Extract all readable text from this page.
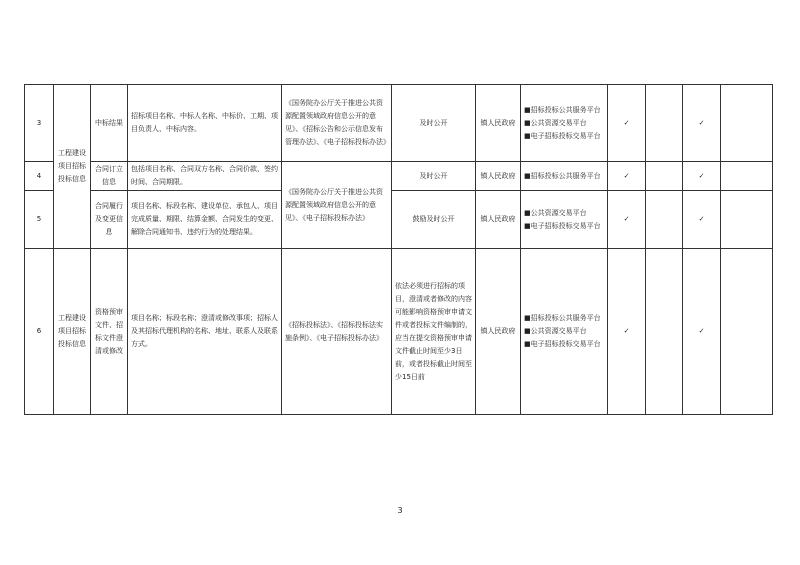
3	工程建设项目招标投标信息	中标结果	招标项目名称、中标人名称、中标价、工期、项目负责人、中标内容。	《国务院办公厅关于推进公共资源配置领域政府信息公开的意见》、《招标公告和公示信息发布管理办法》、《电子招标投标办法》	及时公开	镇人民政府	■招标投标公共服务平台
■公共资源交易平台
■电子招标投标交易平台	✓		✓	
4		合同订立信息	包括项目名称、合同双方名称、合同价款、签约时间、合同期限。	《国务院办公厅关于推进公共资源配置领域政府信息公开的意见》、《电子招标投标办法》	及时公开	镇人民政府	■招标投标公共服务平台	✓		✓	
5		合同履行及变更信息	项目名称、标段名称、建设单位、承包人、项目完成质量、期限、结算金额、合同发生的变更、解除合同通知书、违约行为的处理结果。		鼓励及时公开	镇人民政府	■公共资源交易平台
■电子招标投标交易平台	✓		✓	
6	工程建设项目招标投标信息	资格预审文件、招标文件澄清或修改	项目名称；标段名称；澄清或修改事项；招标人及其招标代理机构的名称、地址、联系人及联系方式。	《招标投标法》、《招标投标法实施条例》、《电子招标投标办法》	依法必须进行招标的项目，澄清或者修改的内容可能影响资格预审申请文件或者投标文件编制的，应当在提交资格预审申请文件截止时间至少3日前，或者投标截止时间至少15日前	镇人民政府	■招标投标公共服务平台
■公共资源交易平台
■电子招标投标交易平台	✓		✓	
3
